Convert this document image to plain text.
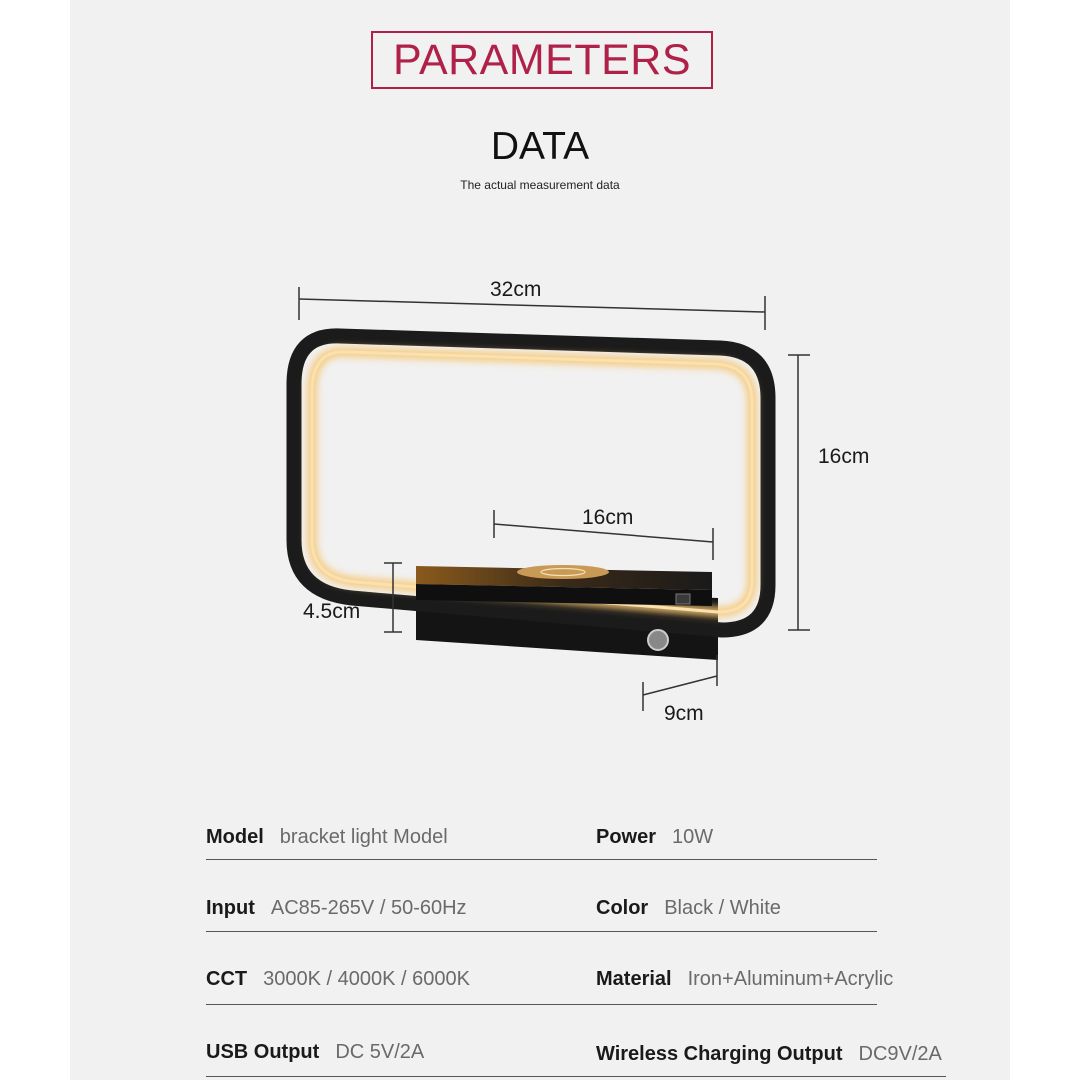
PARAMETERS
DATA
The actual measurement data
32cm
16cm
16cm
4.5cm
9cm
Model bracket light Model
Input AC85-265V / 50-60Hz
CCT 3000K / 4000K / 6000K
USB Output DC 5V/2A
Power 10W
Color Black / White
Material Iron+Aluminum+Acrylic
Wireless Charging Output DC9V/2A
